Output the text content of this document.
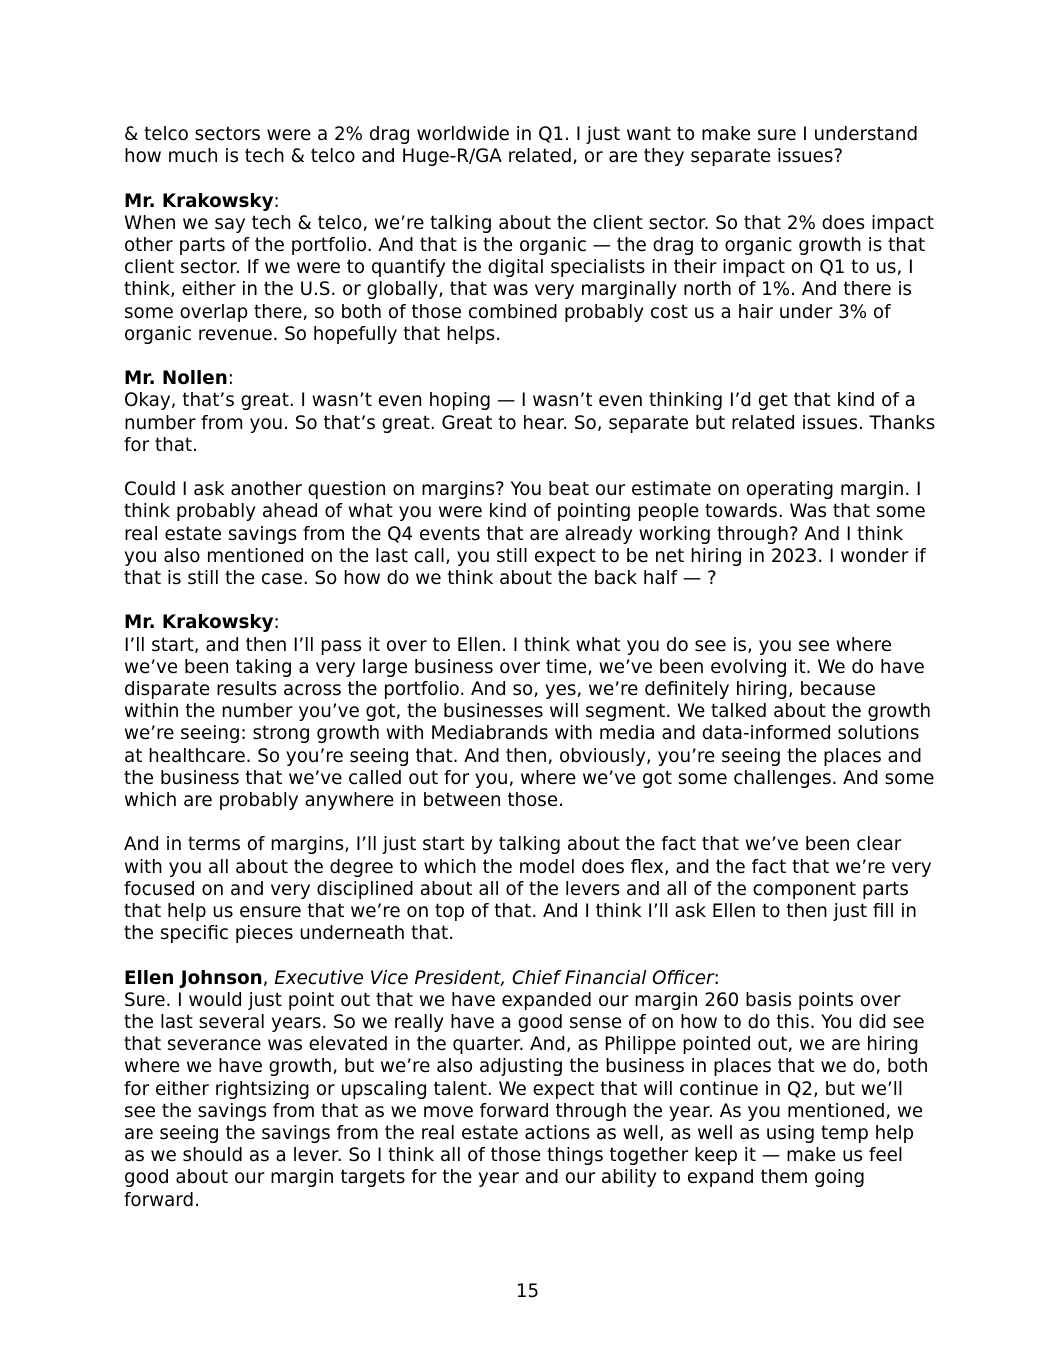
& telco sectors were a 2% drag worldwide in Q1. I just want to make sure I understand how much is tech & telco and Huge-R/GA related, or are they separate issues?
Mr. Krakowsky:
When we say tech & telco, we’re talking about the client sector. So that 2% does impact other parts of the portfolio. And that is the organic — the drag to organic growth is that client sector. If we were to quantify the digital specialists in their impact on Q1 to us, I think, either in the U.S. or globally, that was very marginally north of 1%. And there is some overlap there, so both of those combined probably cost us a hair under 3% of organic revenue. So hopefully that helps.
Mr. Nollen:
Okay, that’s great. I wasn’t even hoping — I wasn’t even thinking I’d get that kind of a number from you. So that’s great. Great to hear. So, separate but related issues. Thanks for that.
Could I ask another question on margins? You beat our estimate on operating margin. I think probably ahead of what you were kind of pointing people towards. Was that some real estate savings from the Q4 events that are already working through? And I think you also mentioned on the last call, you still expect to be net hiring in 2023. I wonder if that is still the case. So how do we think about the back half — ?
Mr. Krakowsky:
I’ll start, and then I’ll pass it over to Ellen. I think what you do see is, you see where we’ve been taking a very large business over time, we’ve been evolving it. We do have disparate results across the portfolio. And so, yes, we’re definitely hiring, because within the number you’ve got, the businesses will segment. We talked about the growth we’re seeing: strong growth with Mediabrands with media and data-informed solutions at healthcare. So you’re seeing that. And then, obviously, you’re seeing the places and the business that we’ve called out for you, where we’ve got some challenges. And some which are probably anywhere in between those.
And in terms of margins, I’ll just start by talking about the fact that we’ve been clear with you all about the degree to which the model does flex, and the fact that we’re very focused on and very disciplined about all of the levers and all of the component parts that help us ensure that we’re on top of that. And I think I’ll ask Ellen to then just fill in the specific pieces underneath that.
Ellen Johnson, Executive Vice President, Chief Financial Officer:
Sure. I would just point out that we have expanded our margin 260 basis points over the last several years. So we really have a good sense of on how to do this. You did see that severance was elevated in the quarter. And, as Philippe pointed out, we are hiring where we have growth, but we’re also adjusting the business in places that we do, both for either rightsizing or upscaling talent. We expect that will continue in Q2, but we’ll see the savings from that as we move forward through the year. As you mentioned, we are seeing the savings from the real estate actions as well, as well as using temp help as we should as a lever. So I think all of those things together keep it — make us feel good about our margin targets for the year and our ability to expand them going forward.
15
